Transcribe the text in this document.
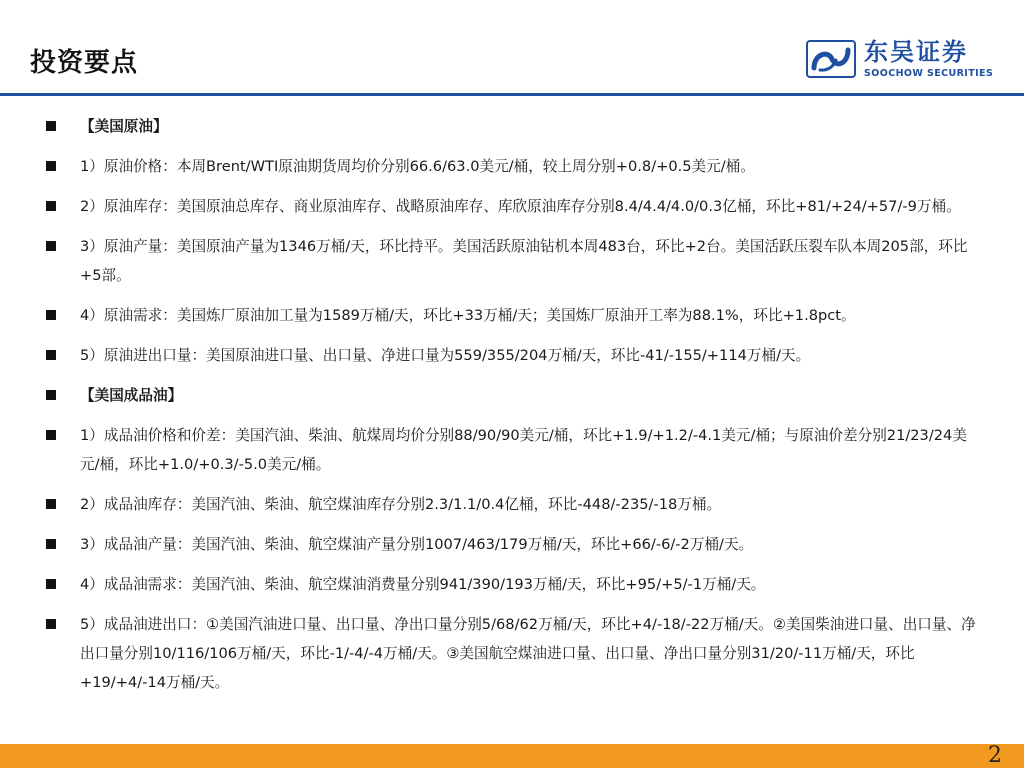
投资要点	东吴证券
SOOCHOW SECURITIES
【美国原油】
1）原油价格：本周Brent/WTI原油期货周均价分别66.6/63.0美元/桶，较上周分别+0.8/+0.5美元/桶。
2）原油库存：美国原油总库存、商业原油库存、战略原油库存、库欣原油库存分别8.4/4.4/4.0/0.3亿桶，环比+81/+24/+57/-9万桶。
3）原油产量：美国原油产量为1346万桶/天，环比持平。美国活跃原油钻机本周483台，环比+2台。美国活跃压裂车队本周205部，环比+5部。
4）原油需求：美国炼厂原油加工量为1589万桶/天，环比+33万桶/天；美国炼厂原油开工率为88.1%，环比+1.8pct。
5）原油进出口量：美国原油进口量、出口量、净进口量为559/355/204万桶/天，环比-41/-155/+114万桶/天。
【美国成品油】
1）成品油价格和价差：美国汽油、柴油、航煤周均价分别88/90/90美元/桶，环比+1.9/+1.2/-4.1美元/桶；与原油价差分别21/23/24美元/桶，环比+1.0/+0.3/-5.0美元/桶。
2）成品油库存：美国汽油、柴油、航空煤油库存分别2.3/1.1/0.4亿桶，环比-448/-235/-18万桶。
3）成品油产量：美国汽油、柴油、航空煤油产量分别1007/463/179万桶/天，环比+66/-6/-2万桶/天。
4）成品油需求：美国汽油、柴油、航空煤油消费量分别941/390/193万桶/天，环比+95/+5/-1万桶/天。
5）成品油进出口：①美国汽油进口量、出口量、净出口量分别5/68/62万桶/天，环比+4/-18/-22万桶/天。②美国柴油进口量、出口量、净出口量分别10/116/106万桶/天，环比-1/-4/-4万桶/天。③美国航空煤油进口量、出口量、净出口量分别31/20/-11万桶/天，环比+19/+4/-14万桶/天。
2
